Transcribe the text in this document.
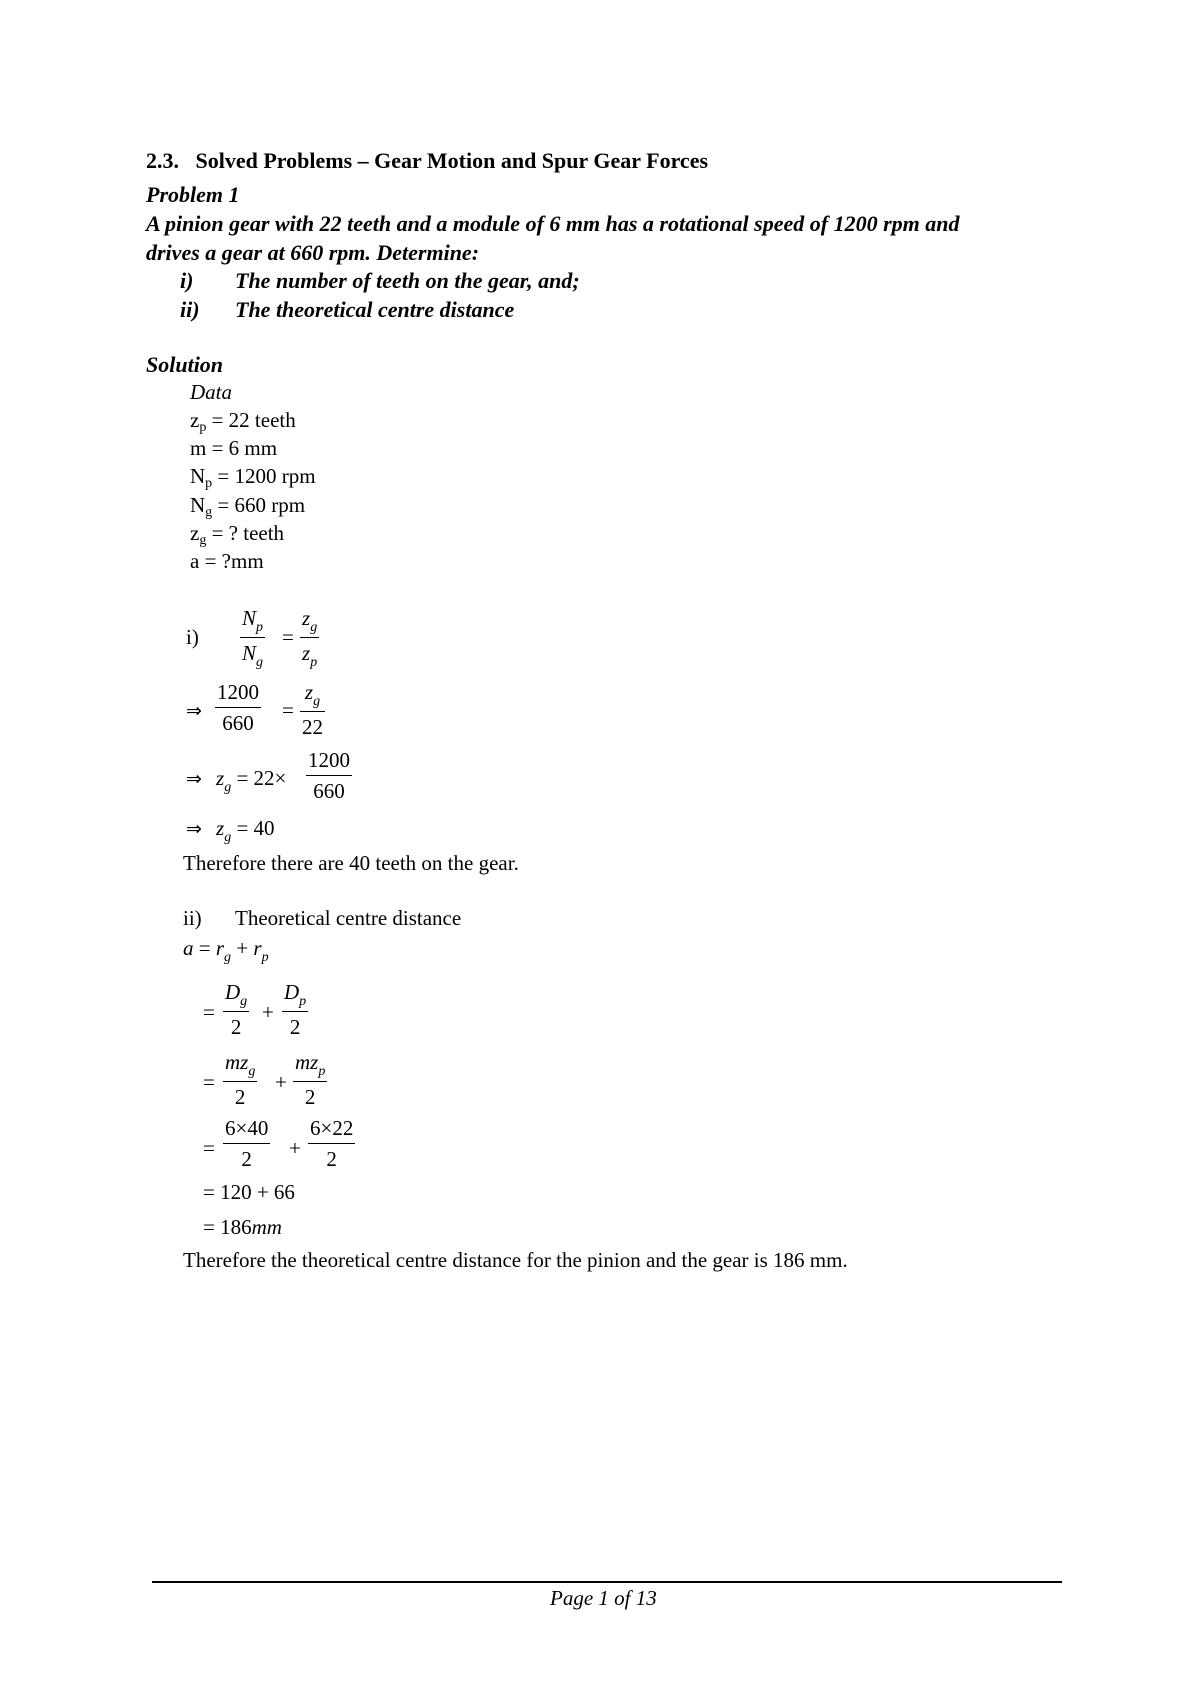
2.3. Solved Problems – Gear Motion and Spur Gear Forces
Problem 1
A pinion gear with 22 teeth and a module of 6 mm has a rotational speed of 1200 rpm and
drives a gear at 660 rpm. Determine:
i) The number of teeth on the gear, and;
ii) The theoretical centre distance
Solution
Data
$z_p = 22$ teeth
m = 6 mm
$N_p = 1200$ rpm
$N_g = 660$ rpm
$z_g$ = ? teeth
a = ?mm
$i) \frac{N_p}{N_g} = \frac{z_g}{z_p}$
⇒ $\frac{1200}{660} = \frac{z_g}{22}$
⇒ $z_g = 22\times \frac{1200}{660}$
⇒ $z_g = 40$
Therefore there are 40 teeth on the gear.
ii) Theoretical centre distance
$a = r_g + r_p$
= $\frac{D_g}{2} + \frac{D_p}{2}$
=
$mz_g$
2
+
$mz_p$
2
= $\frac{6\times 40}{2} + \frac{6\times 22}{2}$
= 120 + 66
= 186mm
Therefore the theoretical centre distance for the pinion and the gear is 186 mm.
Page 1 of 13
